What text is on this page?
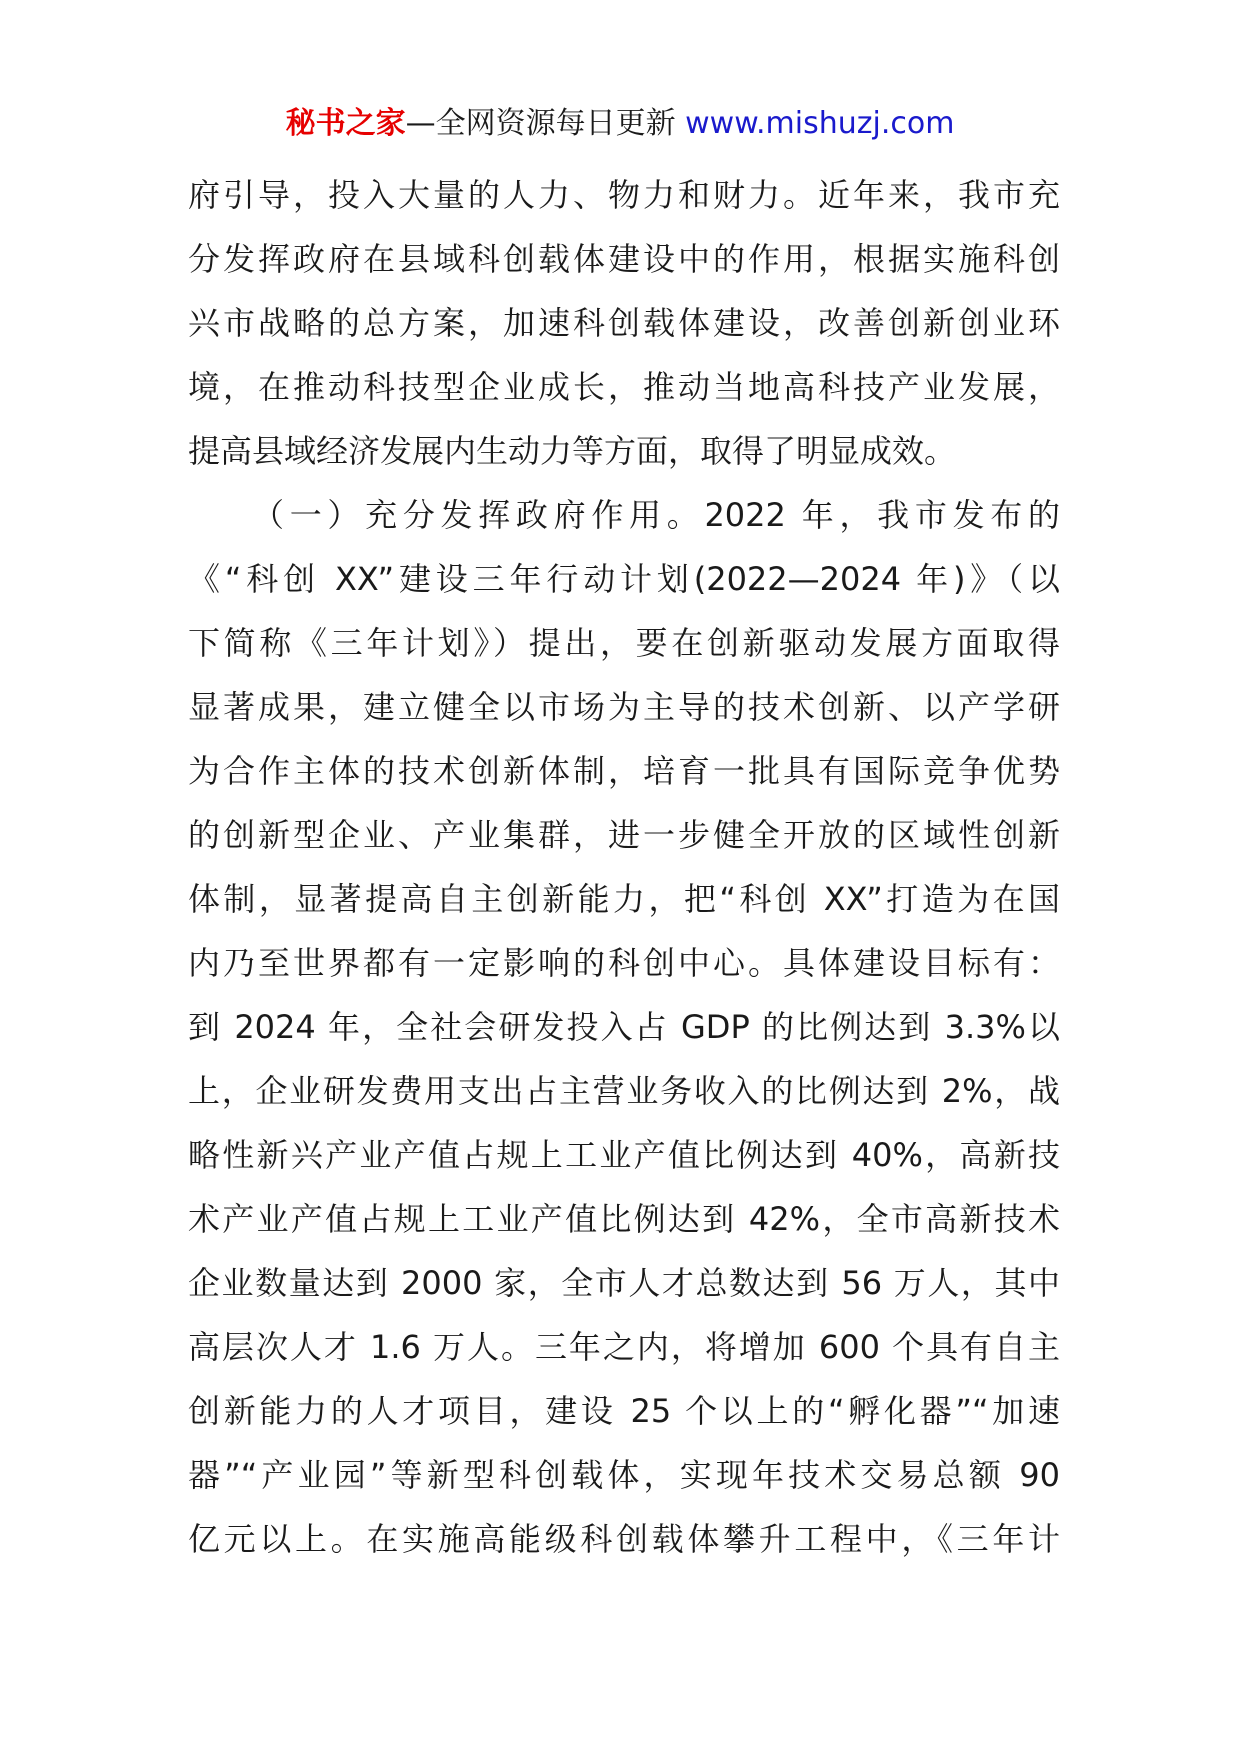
秘书之家—全网资源每日更新 www.mishuzj.com
府引导，投入大量的人力、物力和财力。近年来，我市充
分发挥政府在县域科创载体建设中的作用，根据实施科创
兴市战略的总方案，加速科创载体建设，改善创新创业环
境，在推动科技型企业成长，推动当地高科技产业发展，
提高县域经济发展内生动力等方面，取得了明显成效。
（一）充分发挥政府作用。2022 年，我市发布的
《“科创 XX”建设三年行动计划(2022—2024 年)》（以
下简称《三年计划》）提出，要在创新驱动发展方面取得
显著成果，建立健全以市场为主导的技术创新、以产学研
为合作主体的技术创新体制，培育一批具有国际竞争优势
的创新型企业、产业集群，进一步健全开放的区域性创新
体制，显著提高自主创新能力，把“科创 XX”打造为在国
内乃至世界都有一定影响的科创中心。具体建设目标有：
到 2024 年，全社会研发投入占 GDP 的比例达到 3.3%以
上，企业研发费用支出占主营业务收入的比例达到 2%，战
略性新兴产业产值占规上工业产值比例达到 40%，高新技
术产业产值占规上工业产值比例达到 42%，全市高新技术
企业数量达到 2000 家，全市人才总数达到 56 万人，其中
高层次人才 1.6 万人。三年之内，将增加 600 个具有自主
创新能力的人才项目，建设 25 个以上的“孵化器”“加速
器”“产业园”等新型科创载体，实现年技术交易总额 90
亿元以上。在实施高能级科创载体攀升工程中，《三年计
